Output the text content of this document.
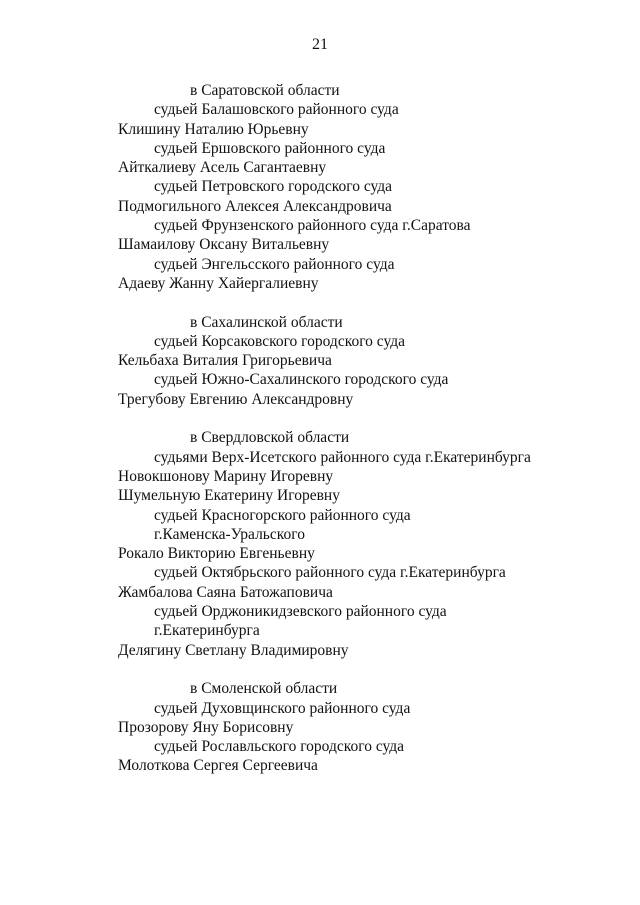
21
в Саратовской области
судьей Балашовского районного суда
Клишину Наталию Юрьевну
судьей Ершовского районного суда
Айткалиеву Асель Сагантаевну
судьей Петровского городского суда
Подмогильного Алексея Александровича
судьей Фрунзенского районного суда г.Саратова
Шамаилову Оксану Витальевну
судьей Энгельсского районного суда
Адаеву Жанну Хайергалиевну
в Сахалинской области
судьей Корсаковского городского суда
Кельбаха Виталия Григорьевича
судьей Южно-Сахалинского городского суда
Трегубову Евгению Александровну
в Свердловской области
судьями Верх-Исетского районного суда г.Екатеринбурга
Новокшонову Марину Игоревну
Шумельную Екатерину Игоревну
судьей Красногорского районного суда
г.Каменска-Уральского
Рокало Викторию Евгеньевну
судьей Октябрьского районного суда г.Екатеринбурга
Жамбалова Саяна Батожаповича
судьей Орджоникидзевского районного суда
г.Екатеринбурга
Делягину Светлану Владимировну
в Смоленской области
судьей Духовщинского районного суда
Прозорову Яну Борисовну
судьей Рославльского городского суда
Молоткова Сергея Сергеевича
